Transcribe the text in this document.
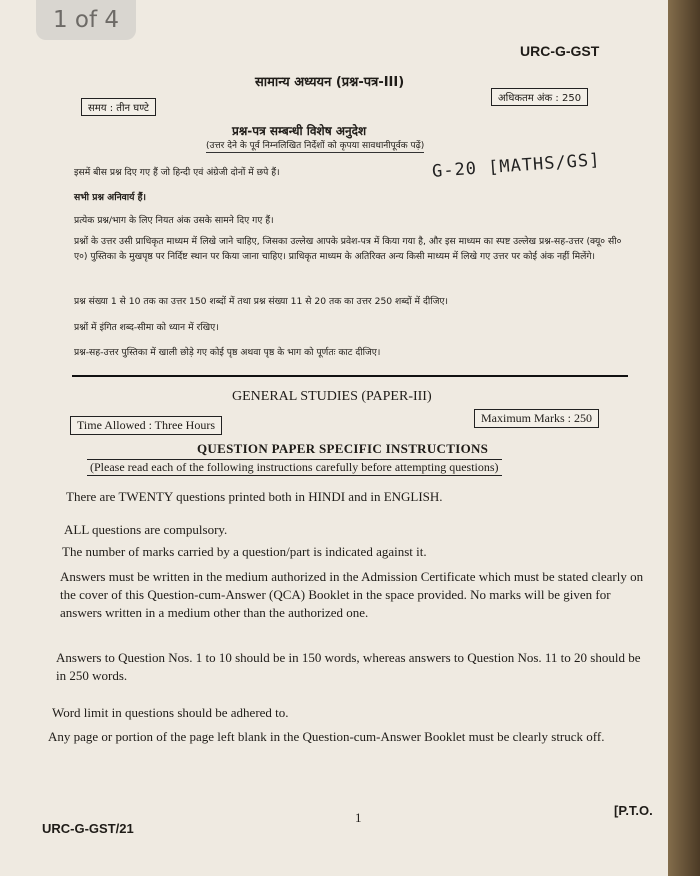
URC-G-GST
सामान्य अध्ययन (प्रश्न-पत्र-III)
समय : तीन घण्टे
अधिकतम अंक : 250
प्रश्न-पत्र सम्बन्धी विशेष अनुदेश
(उत्तर देने के पूर्व निम्नलिखित निर्देशों को कृपया सावधानीपूर्वक पढ़ें)
इसमें बीस प्रश्न दिए गए हैं जो हिन्दी एवं अंग्रेजी दोनों में छपे हैं।
सभी प्रश्न अनिवार्य हैं।
प्रत्येक प्रश्न/भाग के लिए नियत अंक उसके सामने दिए गए हैं।
प्रश्नों के उत्तर उसी प्राधिकृत माध्यम में लिखे जाने चाहिए, जिसका उल्लेख आपके प्रवेश-पत्र में किया गया है, और इस माध्यम का स्पष्ट उल्लेख प्रश्न-सह-उत्तर (क्यू० सी० ए०) पुस्तिका के मुखपृष्ठ पर निर्दिष्ट स्थान पर किया जाना चाहिए। प्राधिकृत माध्यम के अतिरिक्त अन्य किसी माध्यम में लिखे गए उत्तर पर कोई अंक नहीं मिलेंगे।
प्रश्न संख्या 1 से 10 तक का उत्तर 150 शब्दों में तथा प्रश्न संख्या 11 से 20 तक का उत्तर 250 शब्दों में दीजिए।
प्रश्नों में इंगित शब्द-सीमा को ध्यान में रखिए।
प्रश्न-सह-उत्तर पुस्तिका में खाली छोड़े गए कोई पृष्ठ अथवा पृष्ठ के भाग को पूर्णतः काट दीजिए।
G-20 [MATHS/GS]
GENERAL STUDIES (PAPER-III)
Time Allowed : Three Hours	Maximum Marks : 250
QUESTION PAPER SPECIFIC INSTRUCTIONS
(Please read each of the following instructions carefully before attempting questions)
There are TWENTY questions printed both in HINDI and in ENGLISH.
ALL questions are compulsory.
The number of marks carried by a question/part is indicated against it.
Answers must be written in the medium authorized in the Admission Certificate which must be stated clearly on the cover of this Question-cum-Answer (QCA) Booklet in the space provided. No marks will be given for answers written in a medium other than the authorized one.
Answers to Question Nos. 1 to 10 should be in 150 words, whereas answers to Question Nos. 11 to 20 should be in 250 words.
Word limit in questions should be adhered to.
Any page or portion of the page left blank in the Question-cum-Answer Booklet must be clearly struck off.
1	[P.T.O.
URC-G-GST/21
1 of 4
